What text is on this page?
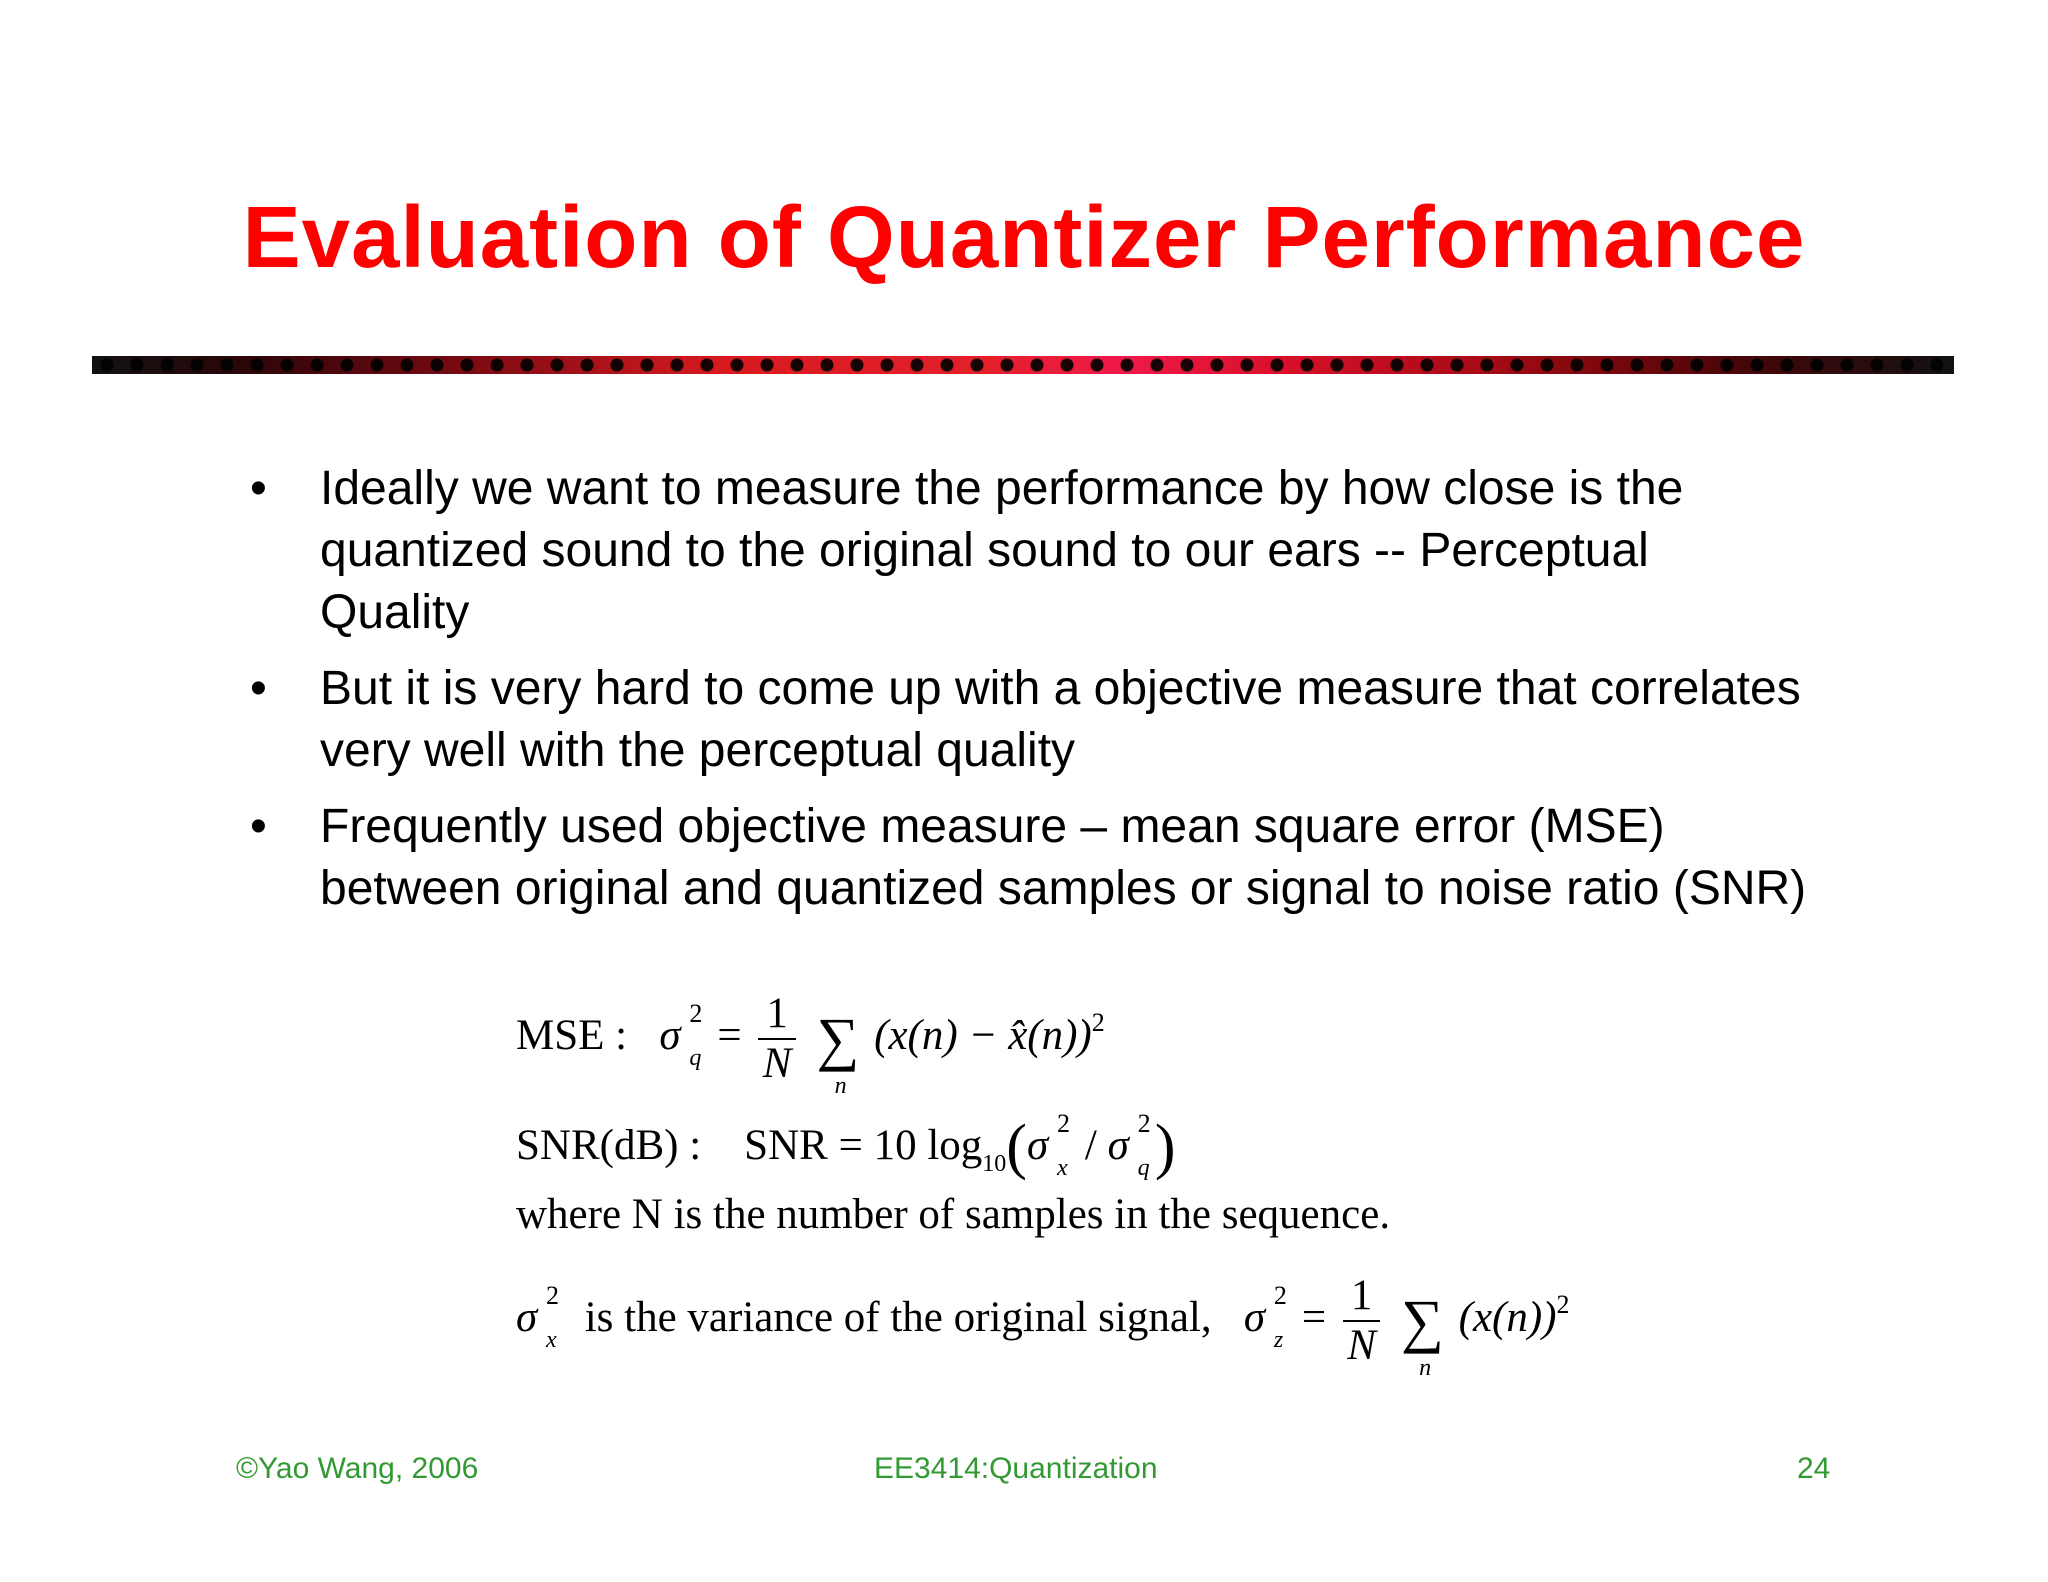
Evaluation of Quantizer Performance
• Ideally we want to measure the performance by how close is the quantized sound to the original sound to our ears -- Perceptual Quality
• But it is very hard to come up with a objective measure that correlates very well with the perceptual quality
• Frequently used objective measure – mean square error (MSE) between original and quantized samples or signal to noise ratio (SNR)
MSE : σ 2
$q = \frac{1}{N}$ ∑
n
(x(n) − x̂(n))$^2$
SNR(dB) : SNR = 10 $\log_{10}(\sigma$ 2
x / σ 2
q )
where N is the number of samples in the sequence.
σ 2
x is the variance of the original signal, σ 2
$z = \frac{1}{N}$ ∑
n
$(x(n))^2$
©Yao Wang, 2006	EE3414:Quantization	24
